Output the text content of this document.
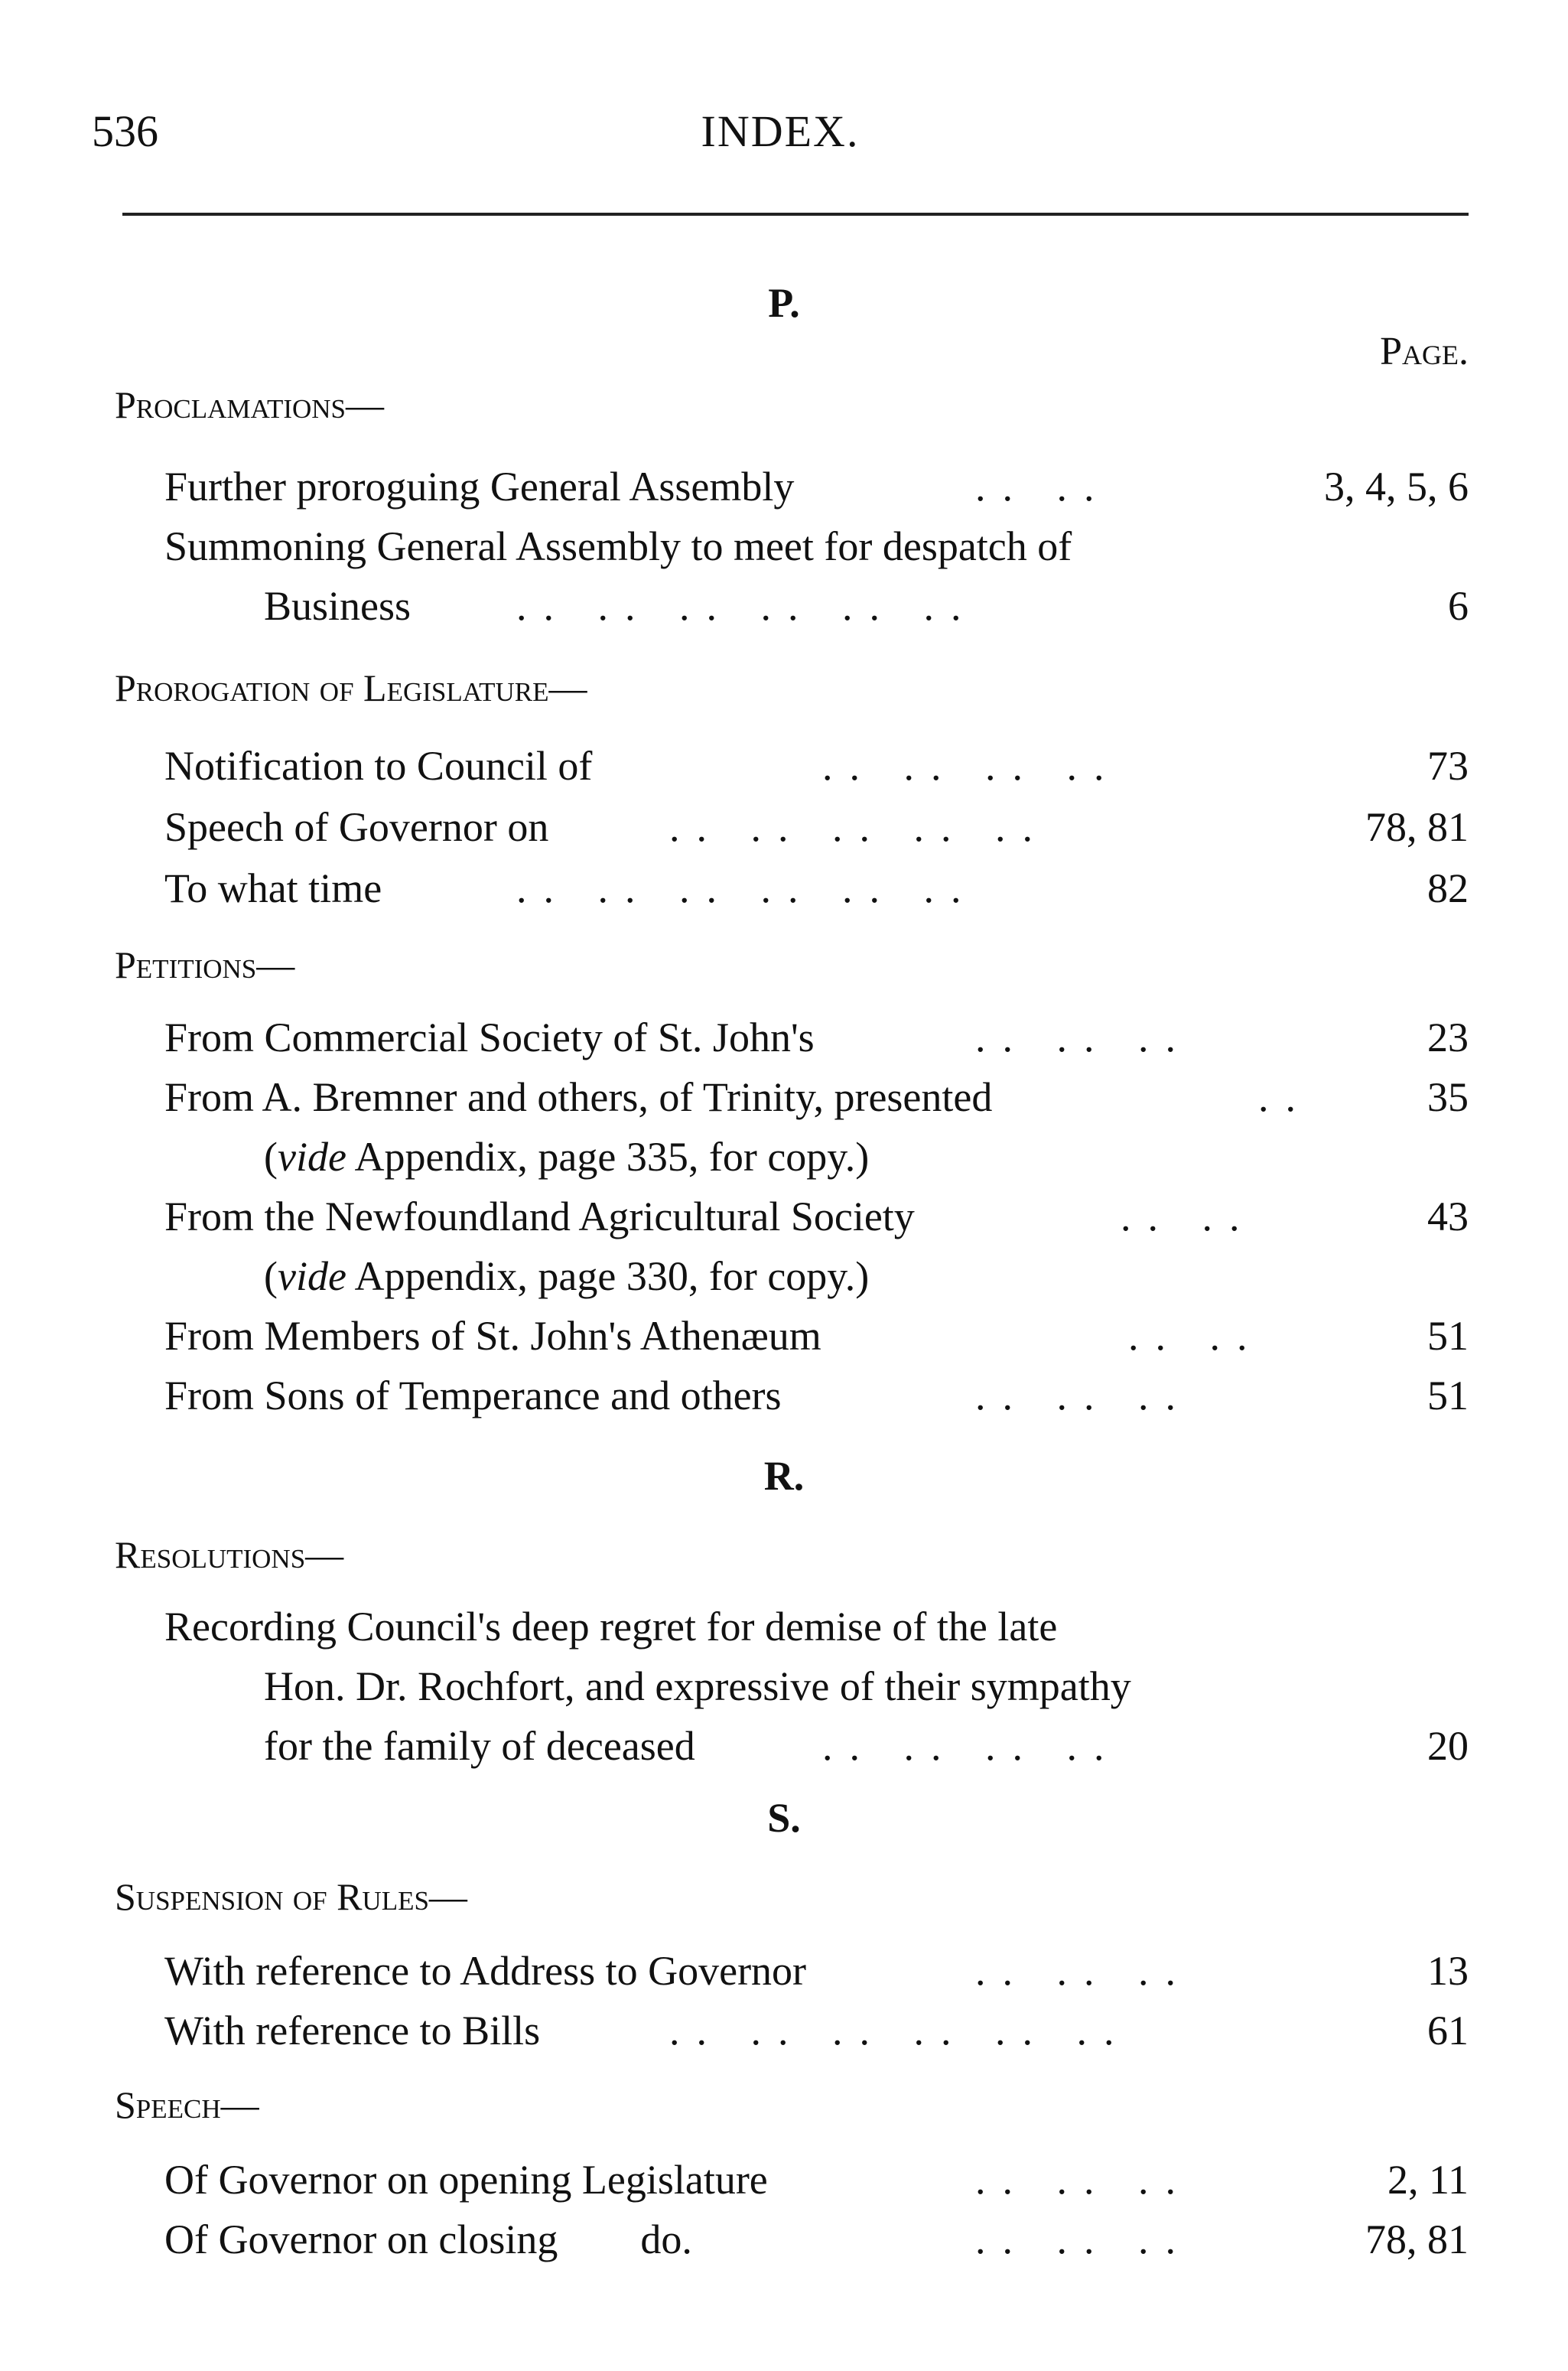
536	INDEX.
P.
Page.
Proclamations—
Further proroguing General Assembly	.. ..	3, 4, 5, 6
Summoning General Assembly to meet for despatch of
Business	.. .. .. .. .. ..	6
Prorogation of Legislature—
Notification to Council of	.. .. .. ..	73
Speech of Governor on	.. .. .. .. ..	78, 81
To what time	.. .. .. .. .. ..	82
Petitions—
From Commercial Society of St. John's	.. .. ..	23
From A. Bremner and others, of Trinity, presented	..	35
(vide Appendix, page 335, for copy.)
From the Newfoundland Agricultural Society	.. ..	43
(vide Appendix, page 330, for copy.)
From Members of St. John's Athenæum	.. ..	51
From Sons of Temperance and others	.. .. ..	51
R.
Resolutions—
Recording Council's deep regret for demise of the late
Hon. Dr. Rochfort, and expressive of their sympathy
for the family of deceased	.. .. .. ..	20
S.
Suspension of Rules—
With reference to Address to Governor	.. .. ..	13
With reference to Bills	.. .. .. .. .. ..	61
Speech—
Of Governor on opening Legislature	.. .. ..	2, 11
Of Governor on closing        do.	.. .. ..	78, 81
